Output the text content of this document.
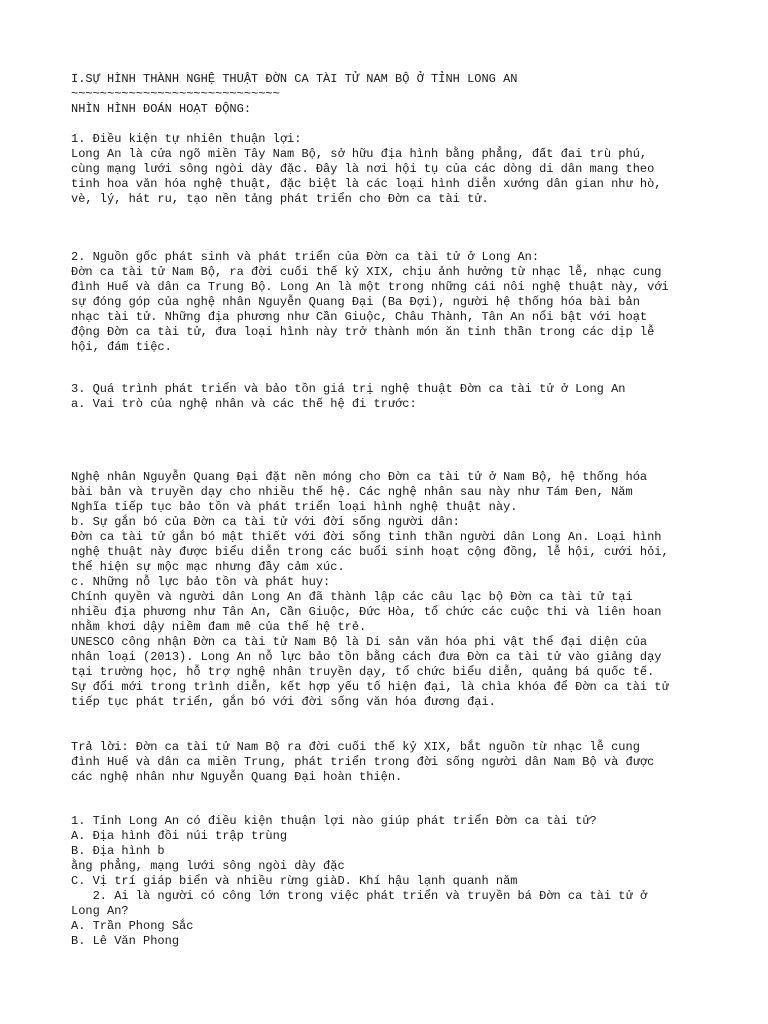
I.SỰ HÌNH THÀNH NGHỆ THUẬT ĐỜN CA TÀI TỬ NAM BỘ Ở TỈNH LONG AN

~~~~~~~~~~~~~~~~~~~~~~~~~~~~~

NHÌN HÌNH ĐOÁN HOẠT ĐỘNG:

1. Điều kiện tự nhiên thuận lợi:

Long An là cửa ngõ miền Tây Nam Bộ, sở hữu địa hình bằng phẳng, đất đai trù phú,

cùng mạng lưới sông ngòi dày đặc. Đây là nơi hội tụ của các dòng di dân mang theo

tinh hoa văn hóa nghệ thuật, đặc biệt là các loại hình diễn xướng dân gian như hò,

vè, lý, hát ru, tạo nền tảng phát triển cho Đờn ca tài tử.

2. Nguồn gốc phát sinh và phát triển của Đờn ca tài tử ở Long An:

Đờn ca tài tử Nam Bộ, ra đời cuối thế kỷ XIX, chịu ảnh hưởng từ nhạc lễ, nhạc cung

đình Huế và dân ca Trung Bộ. Long An là một trong những cái nôi nghệ thuật này, với

sự đóng góp của nghệ nhân Nguyễn Quang Đại (Ba Đợi), người hệ thống hóa bài bản

nhạc tài tử. Những địa phương như Cần Giuộc, Châu Thành, Tân An nổi bật với hoạt

động Đờn ca tài tử, đưa loại hình này trở thành món ăn tinh thần trong các dịp lễ

hội, đám tiệc.

3. Quá trình phát triển và bảo tồn giá trị nghệ thuật Đờn ca tài tử ở Long An

a. Vai trò của nghệ nhân và các thế hệ đi trước:

Nghệ nhân Nguyễn Quang Đại đặt nền móng cho Đờn ca tài tử ở Nam Bộ, hệ thống hóa

bài bản và truyền dạy cho nhiều thế hệ. Các nghệ nhân sau này như Tám Đen, Năm

Nghĩa tiếp tục bảo tồn và phát triển loại hình nghệ thuật này.

b. Sự gắn bó của Đờn ca tài tử với đời sống người dân:

Đờn ca tài tử gắn bó mật thiết với đời sống tinh thần người dân Long An. Loại hình

nghệ thuật này được biểu diễn trong các buổi sinh hoạt cộng đồng, lễ hội, cưới hỏi,

thể hiện sự mộc mạc nhưng đầy cảm xúc.

c. Những nỗ lực bảo tồn và phát huy:

Chính quyền và người dân Long An đã thành lập các câu lạc bộ Đờn ca tài tử tại

nhiều địa phương như Tân An, Cần Giuộc, Đức Hòa, tổ chức các cuộc thi và liên hoan

nhằm khơi dậy niềm đam mê của thế hệ trẻ.

UNESCO công nhận Đờn ca tài tử Nam Bộ là Di sản văn hóa phi vật thể đại diện của

nhân loại (2013). Long An nỗ lực bảo tồn bằng cách đưa Đờn ca tài tử vào giảng dạy

tại trường học, hỗ trợ nghệ nhân truyền dạy, tổ chức biểu diễn, quảng bá quốc tế.

Sự đổi mới trong trình diễn, kết hợp yếu tố hiện đại, là chìa khóa để Đờn ca tài tử

tiếp tục phát triển, gắn bó với đời sống văn hóa đương đại.

Trả lời: Đờn ca tài tử Nam Bộ ra đời cuối thế kỷ XIX, bắt nguồn từ nhạc lễ cung

đình Huế và dân ca miền Trung, phát triển trong đời sống người dân Nam Bộ và được

các nghệ nhân như Nguyễn Quang Đại hoàn thiện.

1. Tỉnh Long An có điều kiện thuận lợi nào giúp phát triển Đờn ca tài tử?

A. Địa hình đồi núi trập trùng

B. Địa hình b

ằng phẳng, mạng lưới sông ngòi dày đặc

C. Vị trí giáp biển và nhiều rừng giàD. Khí hậu lạnh quanh năm

2. Ai là người có công lớn trong việc phát triển và truyền bá Đờn ca tài tử ở

Long An?

A. Trần Phong Sắc

B. Lê Văn Phong
